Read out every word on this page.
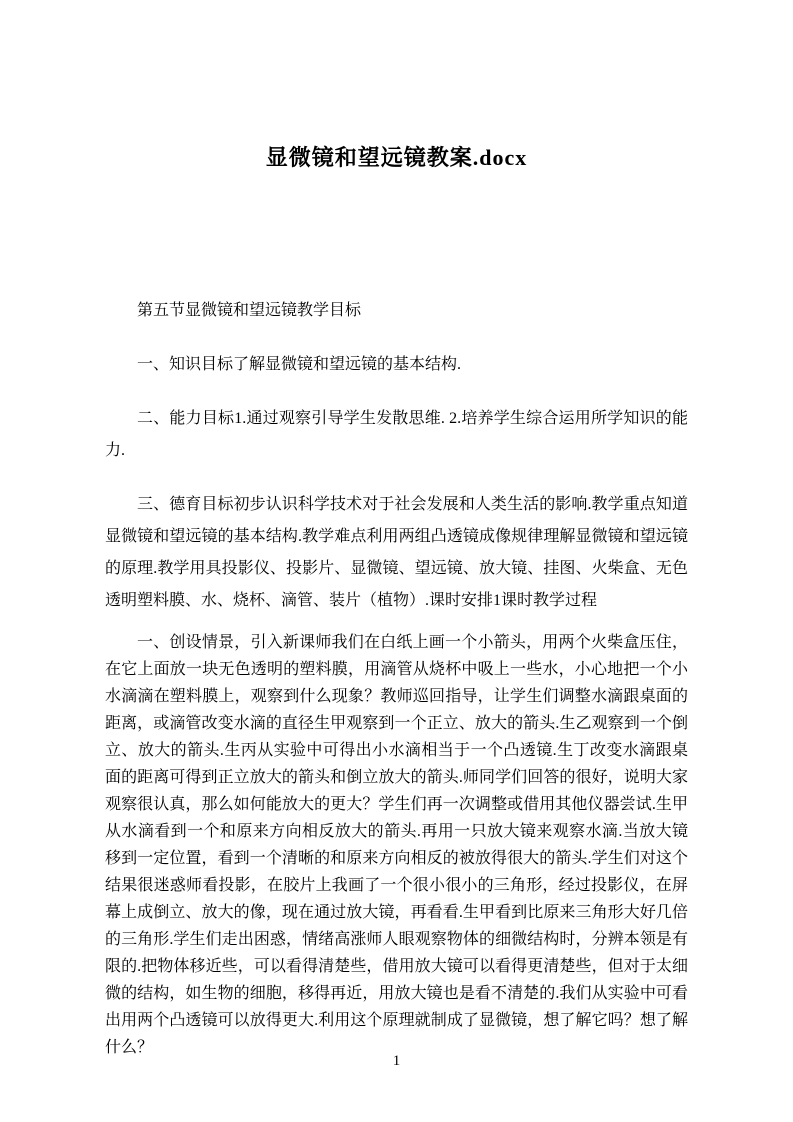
显微镜和望远镜教案.docx

第五节显微镜和望远镜教学目标

一、知识目标了解显微镜和望远镜的基本结构.

二、能力目标1.通过观察引导学生发散思维. 2.培养学生综合运用所学知识的能力.

三、德育目标初步认识科学技术对于社会发展和人类生活的影响.教学重点知道显微镜和望远镜的基本结构.教学难点利用两组凸透镜成像规律理解显微镜和望远镜的原理.教学用具投影仪、投影片、显微镜、望远镜、放大镜、挂图、火柴盒、无色透明塑料膜、水、烧杯、滴管、装片（植物）.课时安排1课时教学过程

一、创设情景，引入新课师我们在白纸上画一个小箭头，用两个火柴盒压住，在它上面放一块无色透明的塑料膜，用滴管从烧杯中吸上一些水，小心地把一个小水滴滴在塑料膜上，观察到什么现象？教师巡回指导，让学生们调整水滴跟桌面的距离，或滴管改变水滴的直径生甲观察到一个正立、放大的箭头.生乙观察到一个倒立、放大的箭头.生丙从实验中可得出小水滴相当于一个凸透镜.生丁改变水滴跟桌面的距离可得到正立放大的箭头和倒立放大的箭头.师同学们回答的很好，说明大家观察很认真，那么如何能放大的更大？学生们再一次调整或借用其他仪器尝试.生甲从水滴看到一个和原来方向相反放大的箭头.再用一只放大镜来观察水滴.当放大镜移到一定位置，看到一个清晰的和原来方向相反的被放得很大的箭头.学生们对这个结果很迷惑师看投影，在胶片上我画了一个很小很小的三角形，经过投影仪，在屏幕上成倒立、放大的像，现在通过放大镜，再看看.生甲看到比原来三角形大好几倍的三角形.学生们走出困惑，情绪高涨师人眼观察物体的细微结构时，分辨本领是有限的.把物体移近些，可以看得清楚些，借用放大镜可以看得更清楚些，但对于太细微的结构，如生物的细胞，移得再近，用放大镜也是看不清楚的.我们从实验中可看出用两个凸透镜可以放得更大.利用这个原理就制成了显微镜，想了解它吗？想了解什么？

1
